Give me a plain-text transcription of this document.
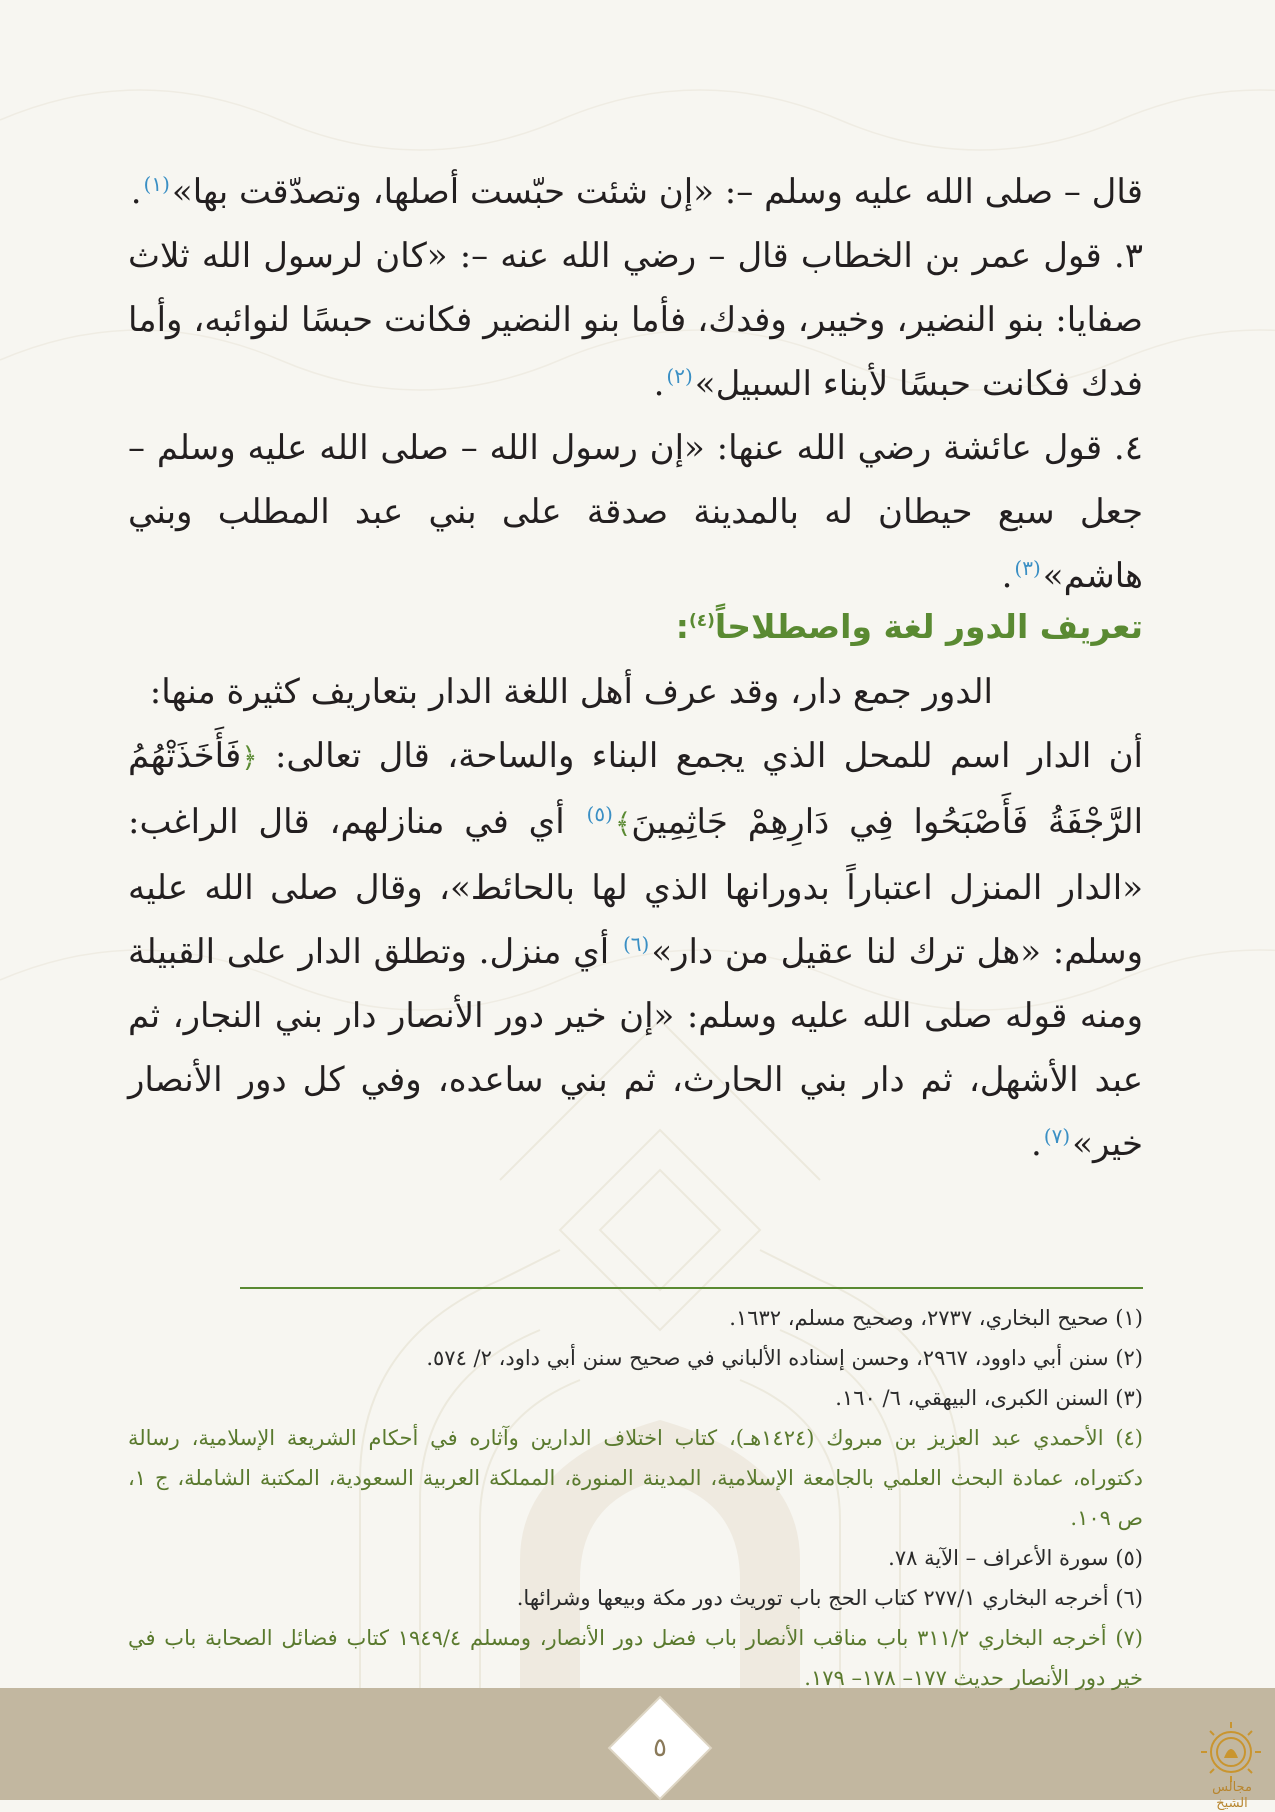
قال – صلى الله عليه وسلم –: «إن شئت حبّست أصلها، وتصدّقت بها»$^{(١)}$.

٣. قول عمر بن الخطاب قال – رضي الله عنه –: «كان لرسول الله ثلاث صفايا: بنو النضير، وخيبر، وفدك، فأما بنو النضير فكانت حبسًا لنوائبه، وأما فدك فكانت حبسًا لأبناء السبيل»$^{(٢)}$.

٤. قول عائشة رضي الله عنها: «إن رسول الله – صلى الله عليه وسلم – جعل سبع حيطان له بالمدينة صدقة على بني عبد المطلب وبني هاشم»$^{(٣)}$.

تعريف الدور لغة واصطلاحاً$^{(٤)}$:

الدور جمع دار، وقد عرف أهل اللغة الدار بتعاريف كثيرة منها:

أن الدار اسم للمحل الذي يجمع البناء والساحة، قال تعالى: ﴿فَأَخَذَتْهُمُ الرَّجْفَةُ فَأَصْبَحُوا فِي دَارِهِمْ جَاثِمِينَ﴾$^{(٥)}$ أي في منازلهم، قال الراغب: «الدار المنزل اعتباراً بدورانها الذي لها بالحائط»، وقال صلى الله عليه وسلم: «هل ترك لنا عقيل من دار»$^{(٦)}$ أي منزل. وتطلق الدار على القبيلة ومنه قوله صلى الله عليه وسلم: «إن خير دور الأنصار دار بني النجار، ثم عبد الأشهل، ثم دار بني الحارث، ثم بني ساعده، وفي كل دور الأنصار خير»$^{(٧)}$.

(١) صحيح البخاري، ٢٧٣٧، وصحيح مسلم، ١٦٣٢.

(٢) سنن أبي داوود، ٢٩٦٧، وحسن إسناده الألباني في صحيح سنن أبي داود، ٢/ ٥٧٤.

(٣) السنن الكبرى، البيهقي، ٦/ ١٦٠.

(٤) الأحمدي عبد العزيز بن مبروك (١٤٢٤هـ)، كتاب اختلاف الدارين وآثاره في أحكام الشريعة الإسلامية، رسالة دكتوراه، عمادة البحث العلمي بالجامعة الإسلامية، المدينة المنورة، المملكة العربية السعودية، المكتبة الشاملة، ج ١، ص ١٠٩.

(٥) سورة الأعراف – الآية ٧٨.

(٦) أخرجه البخاري ٢٧٧/١ كتاب الحج باب توريث دور مكة وبيعها وشرائها.

(٧) أخرجه البخاري ٣١١/٢ باب مناقب الأنصار باب فضل دور الأنصار، ومسلم ١٩٤٩/٤ كتاب فضائل الصحابة باب في خير دور الأنصار حديث ١٧٧– ١٧٨– ١٧٩.

٥
مجالس الشيخ
